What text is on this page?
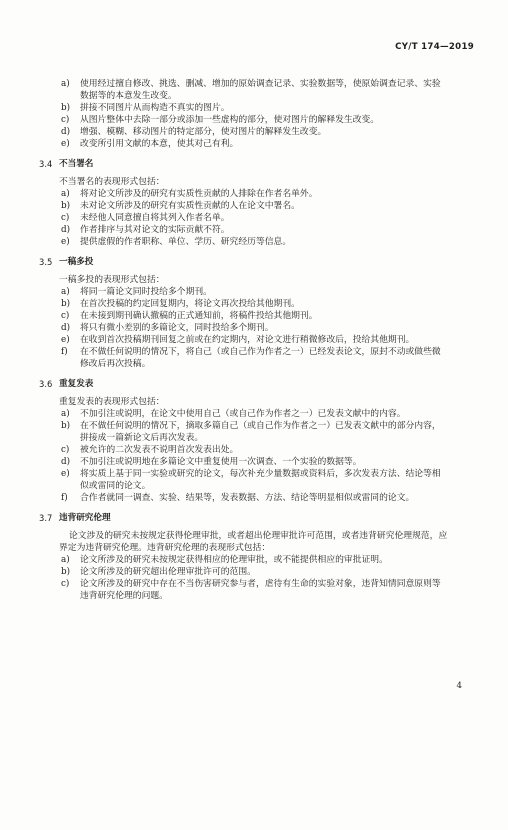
CY/T 174—2019
a) 使用经过擅自修改、挑选、删减、增加的原始调查记录、实验数据等，使原始调查记录、实验
数据等的本意发生改变。
b) 拼接不同图片从而构造不真实的图片。
c) 从图片整体中去除一部分或添加一些虚构的部分，使对图片的解释发生改变。
d) 增强、模糊、移动图片的特定部分，使对图片的解释发生改变。
e) 改变所引用文献的本意，使其对己有利。
3.4 不当署名
不当署名的表现形式包括：
a) 将对论文所涉及的研究有实质性贡献的人排除在作者名单外。
b) 未对论文所涉及的研究有实质性贡献的人在论文中署名。
c) 未经他人同意擅自将其列入作者名单。
d) 作者排序与其对论文的实际贡献不符。
e) 提供虚假的作者职称、单位、学历、研究经历等信息。
3.5 一稿多投
一稿多投的表现形式包括：
a) 将同一篇论文同时投给多个期刊。
b) 在首次投稿的约定回复期内，将论文再次投给其他期刊。
c) 在未接到期刊确认撤稿的正式通知前，将稿件投给其他期刊。
d) 将只有微小差别的多篇论文，同时投给多个期刊。
e) 在收到首次投稿期刊回复之前或在约定期内，对论文进行稍微修改后，投给其他期刊。
f) 在不做任何说明的情况下，将自己（或自己作为作者之一）已经发表论文，原封不动或做些微
修改后再次投稿。
3.6 重复发表
重复发表的表现形式包括：
a) 不加引注或说明，在论文中使用自己（或自己作为作者之一）已发表文献中的内容。
b) 在不做任何说明的情况下，摘取多篇自己（或自己作为作者之一）已发表文献中的部分内容，
拼接成一篇新论文后再次发表。
c) 被允许的二次发表不说明首次发表出处。
d) 不加引注或说明地在多篇论文中重复使用一次调查、一个实验的数据等。
e) 将实质上基于同一实验或研究的论文，每次补充少量数据或资料后，多次发表方法、结论等相
似或雷同的论文。
f) 合作者就同一调查、实验、结果等，发表数据、方法、结论等明显相似或雷同的论文。
3.7 违背研究伦理
论文涉及的研究未按规定获得伦理审批，或者超出伦理审批许可范围，或者违背研究伦理规范，应
界定为违背研究伦理。违背研究伦理的表现形式包括：
a) 论文所涉及的研究未按规定获得相应的伦理审批，或不能提供相应的审批证明。
b) 论文所涉及的研究超出伦理审批许可的范围。
c) 论文所涉及的研究中存在不当伤害研究参与者，虐待有生命的实验对象，违背知情同意原则等
违背研究伦理的问题。
4
